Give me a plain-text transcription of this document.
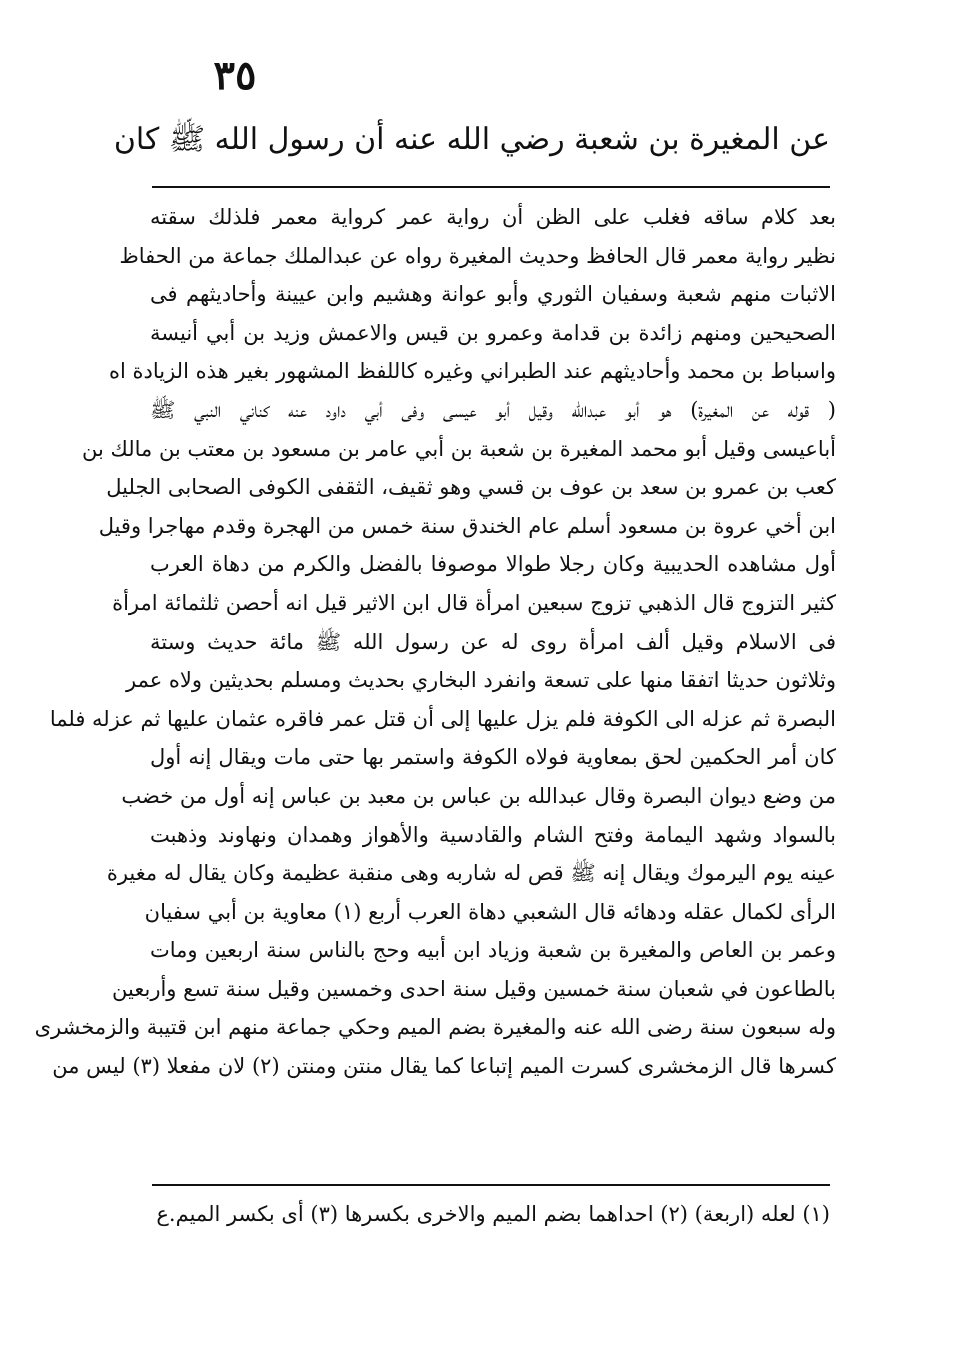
٣٥
عن المغيرة بن شعبة رضي الله عنه أن رسول الله ﷺ كان
بعد كلام ساقه فغلب على الظن أن رواية عمر كرواية معمر فلذلك سقته
نظير رواية معمر قال الحافظ وحديث المغيرة رواه عن عبدالملك جماعة من الحفاظ
الاثبات منهم شعبة وسفيان الثوري وأبو عوانة وهشيم وابن عيينة وأحاديثهم فى
الصحيحين ومنهم زائدة بن قدامة وعمرو بن قيس والاعمش وزيد بن أبي أنيسة
واسباط بن محمد وأحاديثهم عند الطبراني وغيره كاللفظ المشهور بغير هذه الزيادة اه
( قوله عن المغيرة) هو أبو عبدالله وقيل أبو عيسى وفى أبي داود عنه كناني النبي ﷺ
أباعيسى وقيل أبو محمد المغيرة بن شعبة بن أبي عامر بن مسعود بن معتب بن مالك بن
كعب بن عمرو بن سعد بن عوف بن قسي وهو ثقيف، الثقفى الكوفى الصحابى الجليل
ابن أخي عروة بن مسعود أسلم عام الخندق سنة خمس من الهجرة وقدم مهاجرا وقيل
أول مشاهده الحديبية وكان رجلا طوالا موصوفا بالفضل والكرم من دهاة العرب
كثير التزوج قال الذهبي تزوج سبعين امرأة قال ابن الاثير قيل انه أحصن ثلثمائة امرأة
فى الاسلام وقيل ألف امرأة روى له عن رسول الله ﷺ مائة حديث وستة
وثلاثون حديثا اتفقا منها على تسعة وانفرد البخاري بحديث ومسلم بحديثين ولاه عمر
البصرة ثم عزله الى الكوفة فلم يزل عليها إلى أن قتل عمر فاقره عثمان عليها ثم عزله فلما
كان أمر الحكمين لحق بمعاوية فولاه الكوفة واستمر بها حتى مات ويقال إنه أول
من وضع ديوان البصرة وقال عبدالله بن عباس بن معبد بن عباس إنه أول من خضب
بالسواد وشهد اليمامة وفتح الشام والقادسية والأهواز وهمدان ونهاوند وذهبت
عينه يوم اليرموك ويقال إنه ﷺ قص له شاربه وهى منقبة عظيمة وكان يقال له مغيرة
الرأى لكمال عقله ودهائه قال الشعبي دهاة العرب أربع (١) معاوية بن أبي سفيان
وعمر بن العاص والمغيرة بن شعبة وزياد ابن أبيه وحج بالناس سنة اربعين ومات
بالطاعون في شعبان سنة خمسين وقيل سنة احدى وخمسين وقيل سنة تسع وأربعين
وله سبعون سنة رضى الله عنه والمغيرة بضم الميم وحكي جماعة منهم ابن قتيبة والزمخشرى
كسرها قال الزمخشرى كسرت الميم إتباعا كما يقال منتن ومنتن (٢) لان مفعلا (٣) ليس من
(١) لعله (اربعة) (٢) احداهما بضم الميم والاخرى بكسرها (٣) أى بكسر الميم.ع
